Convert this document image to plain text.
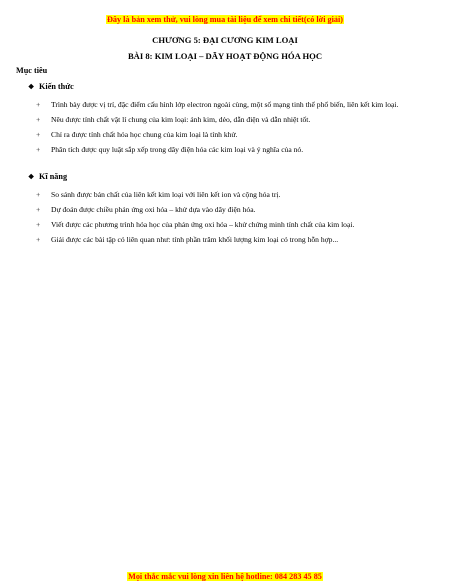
Đây là bản xem thử, vui lòng mua tài liệu để xem chi tiết(có lời giải)
CHƯƠNG 5: ĐẠI CƯƠNG KIM LOẠI
BÀI 8: KIM LOẠI – DÃY HOẠT ĐỘNG HÓA HỌC
Mục tiêu
❖ Kiến thức
+ Trình bày được vị trí, đặc điểm cấu hình lớp electron ngoài cùng, một số mạng tinh thể phổ biến, liên kết kim loại.
+ Nêu được tính chất vật lí chung của kim loại: ánh kim, dẻo, dẫn điện và dẫn nhiệt tốt.
+ Chỉ ra được tính chất hóa học chung của kim loại là tính khử.
+ Phân tích được quy luật sắp xếp trong dãy điện hóa các kim loại và ý nghĩa của nó.
❖ Kĩ năng
+ So sánh được bản chất của liên kết kim loại với liên kết ion và cộng hóa trị.
+ Dự đoán được chiều phản ứng oxi hóa – khử dựa vào dãy điện hóa.
+ Viết được các phương trình hóa học của phản ứng oxi hóa – khử chứng minh tính chất của kim loại.
+ Giải được các bài tập có liên quan như: tính phần trăm khối lượng kim loại có trong hỗn hợp...
Mọi thắc mắc vui lòng xin liên hệ hotline: 084 283 45 85
